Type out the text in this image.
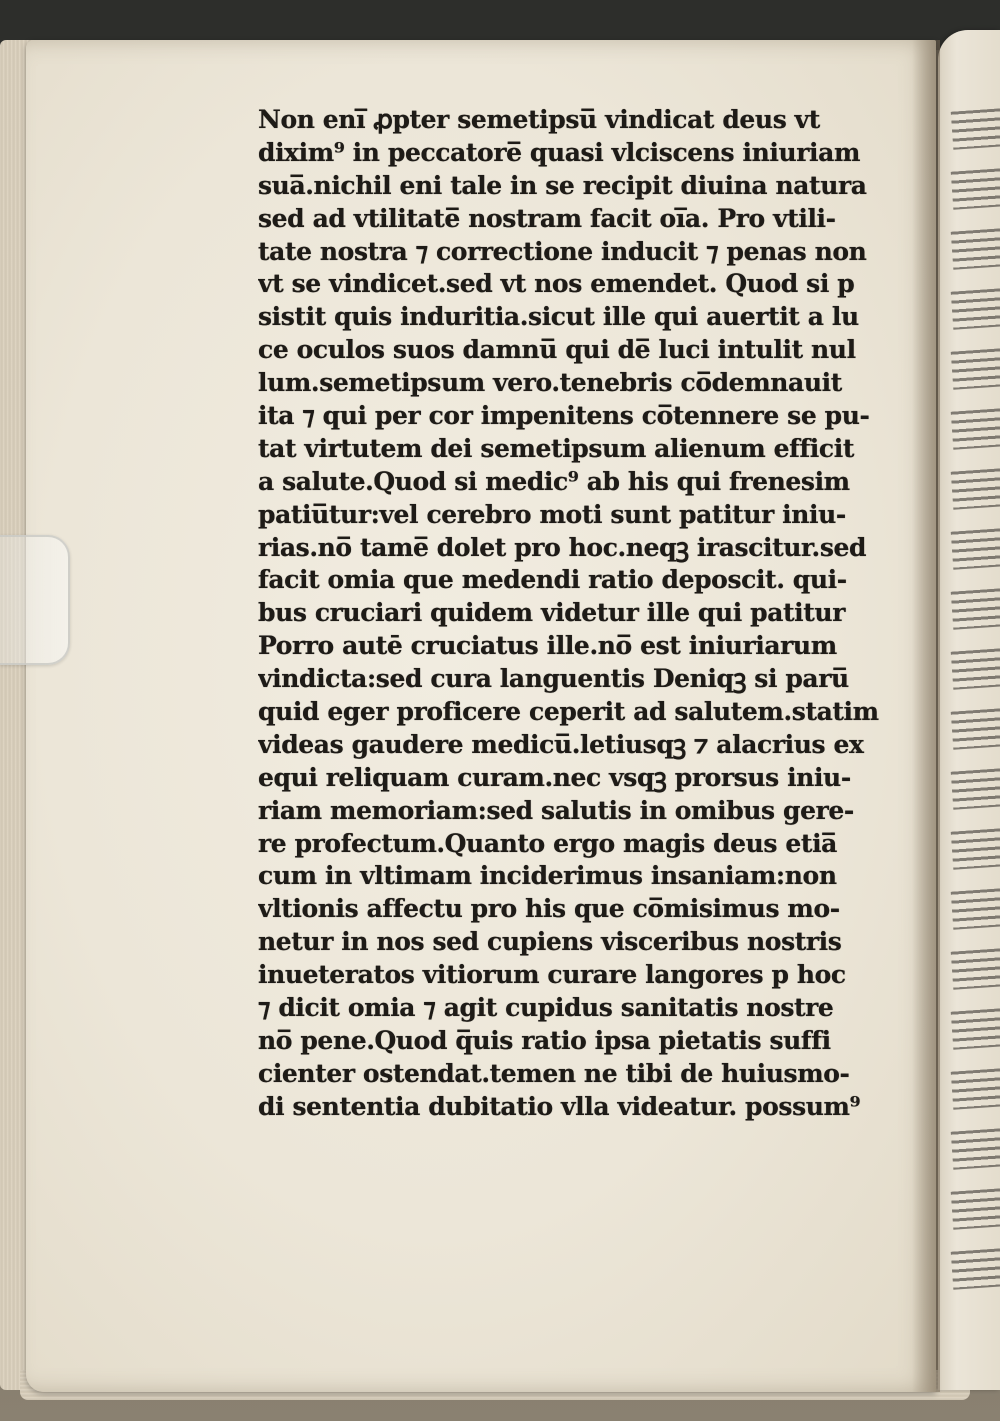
Non eni̅ ꝓpter semetipsu̅ vindicat deus vt
dixim⁹ in peccatore̅ quasi vlciscens iniuriam
sua̅.nichil eni tale in se recipit diuina natura
sed ad vtilitate̅ nostram facit oi̅a. Pro vtili-
tate nostra ⁊ correctione inducit ⁊ penas non
vt se vindicet.sed vt nos emendet. Quod si p
sistit quis induritia.sicut ille qui auertit a lu
ce oculos suos damnu̅ qui de̅ luci intulit nul
lum.semetipsum vero.tenebris co̅demnauit
ita ⁊ qui per cor impenitens co̅tennere se pu-
tat virtutem dei semetipsum alienum efficit
a salute.Quod si medic⁹ ab his qui frenesim
patiu̅tur:vel cerebro moti sunt patitur iniu-
rias.no̅ tame̅ dolet pro hoc.neqꝫ irascitur.sed
facit omia que medendi ratio deposcit. qui-
bus cruciari quidem videtur ille qui patitur
Porro autē cruciatus ille.no̅ est iniuriarum
vindicta:sed cura languentis Deniqꝫ si paru̅
quid eger proficere ceperit ad salutem.statim
videas gaudere medicu̅.letiusqꝫ ⁊ alacrius ex
equi reliquam curam.nec vsqꝫ prorsus iniu-
riam memoriam:sed salutis in omibus gere-
re profectum.Quanto ergo magis deus etia̅
cum in vltimam inciderimus insaniam:non
vltionis affectu pro his que co̅misimus mo-
netur in nos sed cupiens visceribus nostris
inueteratos vitiorum curare langores p hoc
⁊ dicit omia ⁊ agit cupidus sanitatis nostre
no̅ pene.Quod q̅uis ratio ipsa pietatis suffi
cienter ostendat.temen ne tibi de huiusmo-
di sententia dubitatio vlla videatur. possum⁹
